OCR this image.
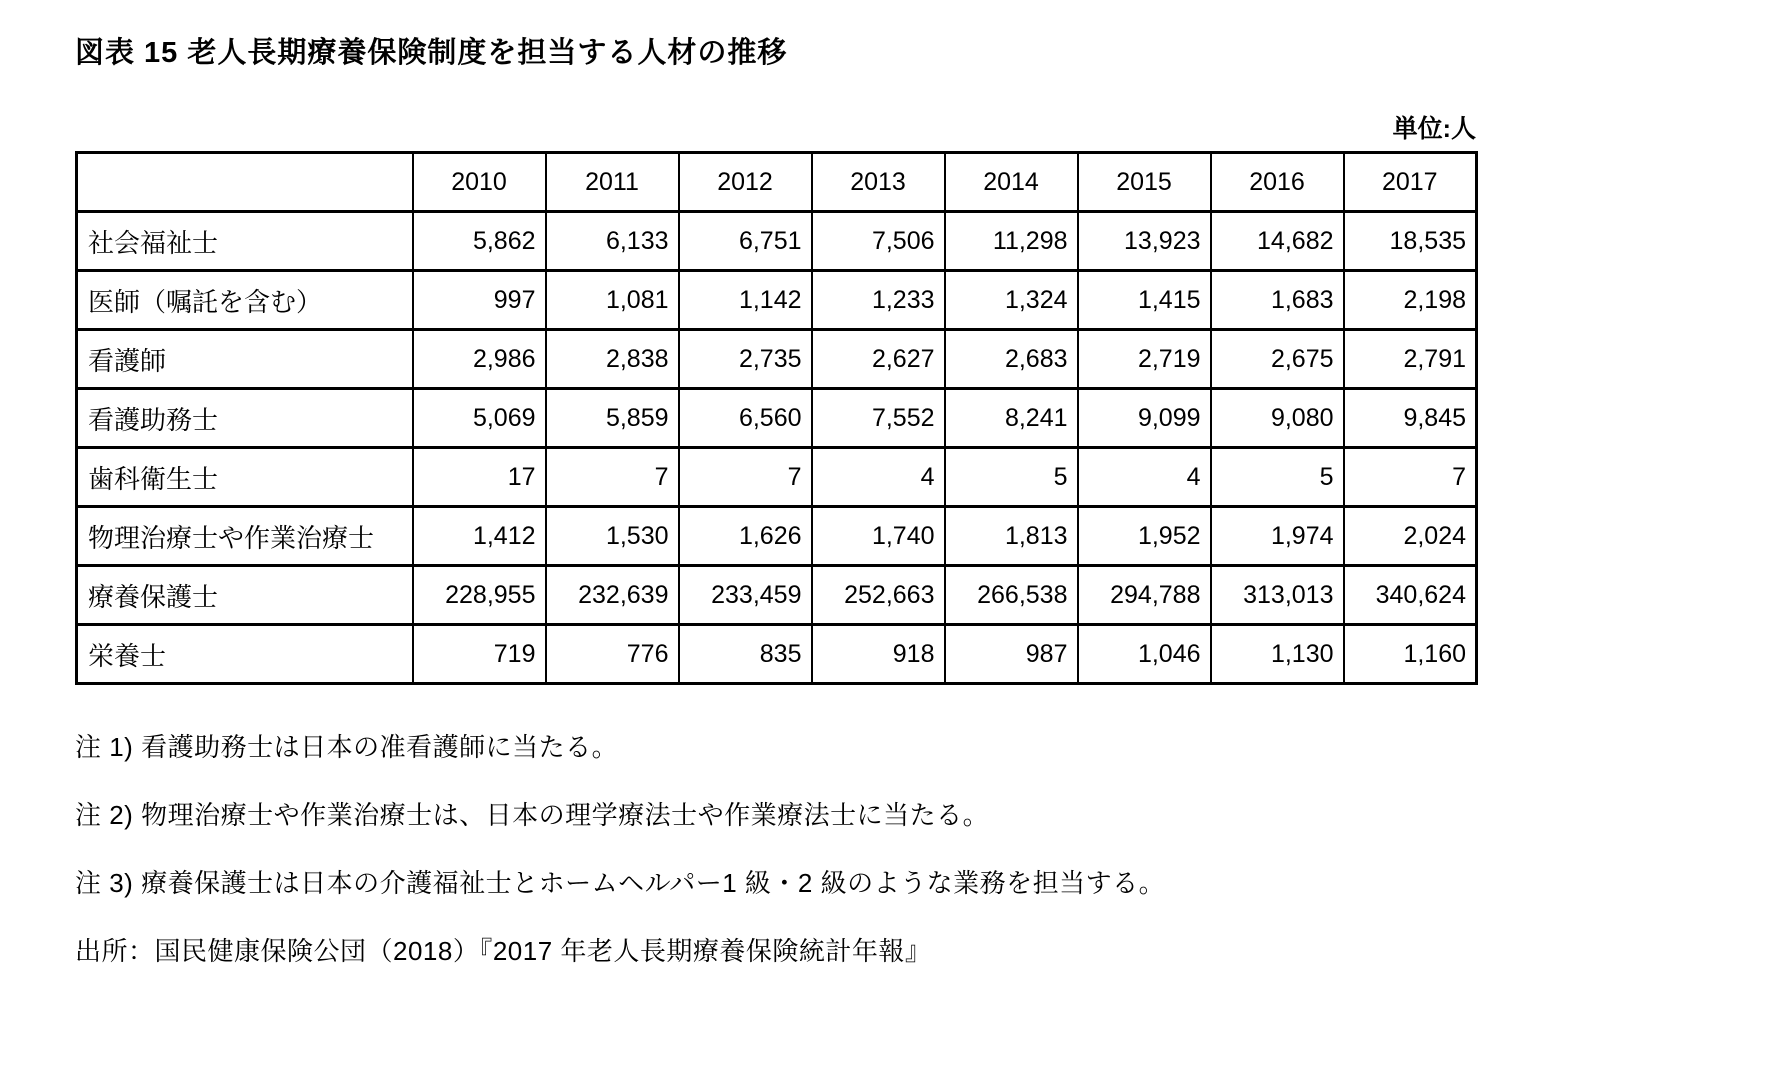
図表 15 老人長期療養保険制度を担当する人材の推移
単位:人
	2010	2011	2012	2013	2014	2015	2016	2017
社会福祉士	5,862	6,133	6,751	7,506	11,298	13,923	14,682	18,535
医師（嘱託を含む）	997	1,081	1,142	1,233	1,324	1,415	1,683	2,198
看護師	2,986	2,838	2,735	2,627	2,683	2,719	2,675	2,791
看護助務士	5,069	5,859	6,560	7,552	8,241	9,099	9,080	9,845
歯科衛生士	17	7	7	4	5	4	5	7
物理治療士や作業治療士	1,412	1,530	1,626	1,740	1,813	1,952	1,974	2,024
療養保護士	228,955	232,639	233,459	252,663	266,538	294,788	313,013	340,624
栄養士	719	776	835	918	987	1,046	1,130	1,160
注 1) 看護助務士は日本の准看護師に当たる。
注 2) 物理治療士や作業治療士は、日本の理学療法士や作業療法士に当たる。
注 3) 療養保護士は日本の介護福祉士とホームヘルパー1 級・2 級のような業務を担当する。
出所：国民健康保険公団（2018）『2017 年老人長期療養保険統計年報』
